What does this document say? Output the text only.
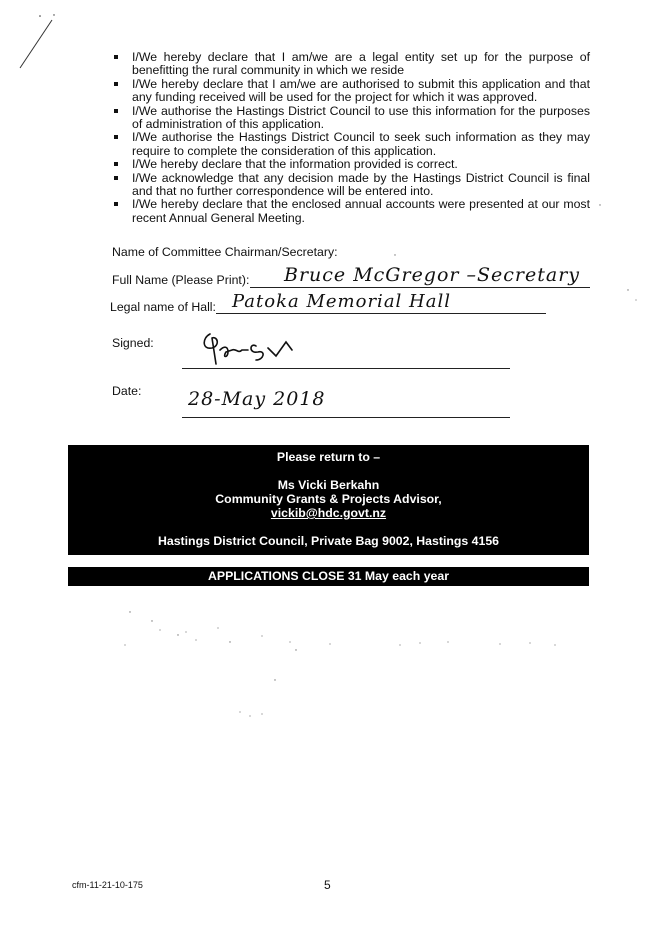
I/We hereby declare that I am/we are a legal entity set up for the purpose of benefitting the rural community in which we reside
I/We hereby declare that I am/we are authorised to submit this application and that any funding received will be used for the project for which it was approved.
I/We authorise the Hastings District Council to use this information for the purposes of administration of this application.
I/We authorise the Hastings District Council to seek such information as they may require to complete the consideration of this application.
I/We hereby declare that the information provided is correct.
I/We acknowledge that any decision made by the Hastings District Council is final and that no further correspondence will be entered into.
I/We hereby declare that the enclosed annual accounts were presented at our most recent Annual General Meeting.
Name of Committee Chairman/Secretary:
Full Name (Please Print): Bruce McGregor –Secretary
Legal name of Hall: Patoka Memorial Hall
Signed:
Date: 28-May 2018
Please return to –
Ms Vicki Berkahn
Community Grants & Projects Advisor,
vickib@hdc.govt.nz
Hastings District Council, Private Bag 9002, Hastings 4156
APPLICATIONS CLOSE 31 May each year
cfm-11-21-10-175	5
